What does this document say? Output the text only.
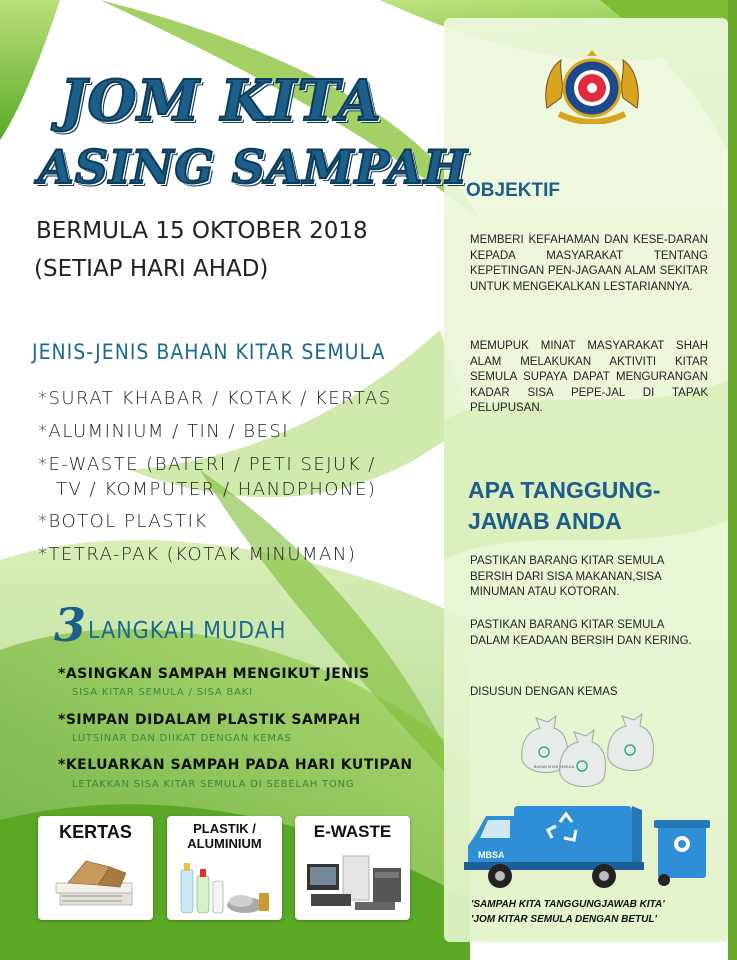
JOM KITA
ASING SAMPAH
BERMULA 15 OKTOBER 2018
(SETIAP HARI AHAD)
JENIS-JENIS BAHAN KITAR SEMULA
*SURAT KHABAR / KOTAK / KERTAS
*ALUMINIUM / TIN / BESI
*E-WASTE (BATERI / PETI SEJUK /
TV / KOMPUTER / HANDPHONE)
*BOTOL PLASTIK
*TETRA-PAK (KOTAK MINUMAN)
3 LANGKAH MUDAH
*ASINGKAN SAMPAH MENGIKUT JENIS
SISA KITAR SEMULA / SISA BAKI
*SIMPAN DIDALAM PLASTIK SAMPAH
LUTSINAR DAN DIIKAT DENGAN KEMAS
*KELUARKAN SAMPAH PADA HARI KUTIPAN
LETAKKAN SISA KITAR SEMULA DI SEBELAH TONG
KERTAS	PLASTIK /
ALUMINIUM
E-WASTE
OBJEKTIF
MEMBERI KEFAHAMAN DAN KESE-DARAN KEPADA MASYARAKAT TENTANG KEPETINGAN PEN-JAGAAN ALAM SEKITAR UNTUK MENGEKALKAN LESTARIANNYA.
MEMUPUK MINAT MASYARAKAT SHAH ALAM MELAKUKAN AKTIVITI KITAR SEMULA SUPAYA DAPAT MENGURANGAN KADAR SISA PEPE-JAL DI TAPAK PELUPUSAN.
APA TANGGUNG-
JAWAB ANDA
PASTIKAN BARANG KITAR SEMULA BERSIH DARI SISA MAKANAN,SISA MINUMAN ATAU KOTORAN.
PASTIKAN BARANG KITAR SEMULA DALAM KEADAAN BERSIH DAN KERING.
DISUSUN DENGAN KEMAS
BAHAN KITAR SEMULA
MBSA
'SAMPAH KITA TANGGUNGJAWAB KITA'
'JOM KITAR SEMULA DENGAN BETUL'
